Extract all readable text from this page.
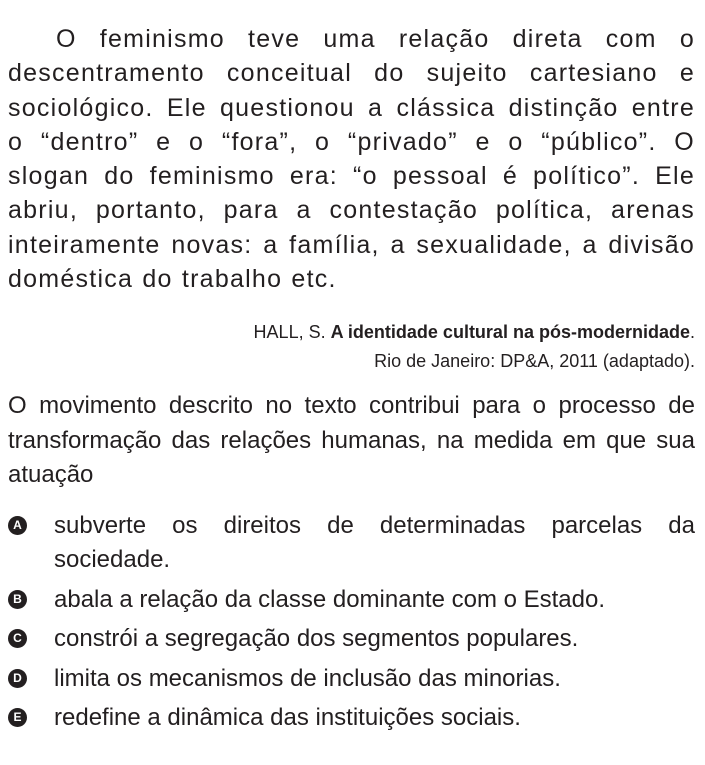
O feminismo teve uma relação direta com o descentramento conceitual do sujeito cartesiano e sociológico. Ele questionou a clássica distinção entre o “dentro” e o “fora”, o “privado” e o “público”. O slogan do feminismo era: “o pessoal é político”. Ele abriu, portanto, para a contestação política, arenas inteiramente novas: a família, a sexualidade, a divisão doméstica do trabalho etc.

HALL, S. A identidade cultural na pós-modernidade.
Rio de Janeiro: DP&A, 2011 (adaptado).
O movimento descrito no texto contribui para o processo de transformação das relações humanas, na medida em que sua atuação
A subverte os direitos de determinadas parcelas da sociedade.
B abala a relação da classe dominante com o Estado.
C constrói a segregação dos segmentos populares.
D limita os mecanismos de inclusão das minorias.
E redefine a dinâmica das instituições sociais.
